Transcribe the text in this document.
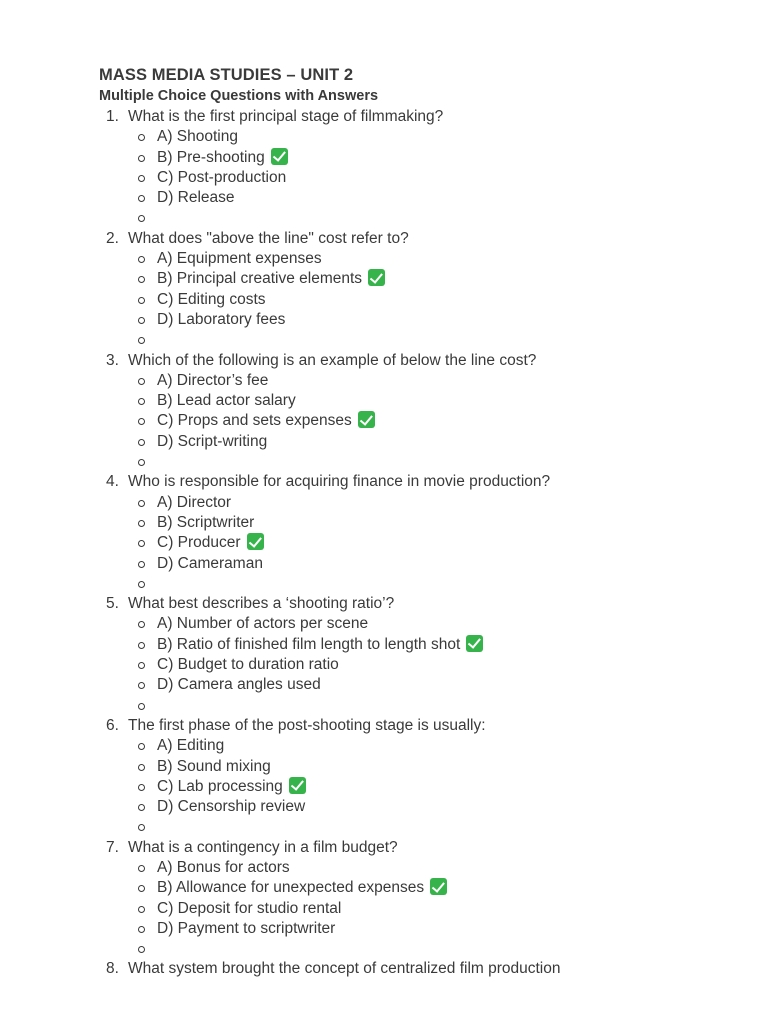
MASS MEDIA STUDIES – UNIT 2
Multiple Choice Questions with Answers
1. What is the first principal stage of filmmaking?
A) Shooting
B) Pre-shooting
C) Post-production
D) Release
2. What does "above the line" cost refer to?
A) Equipment expenses
B) Principal creative elements
C) Editing costs
D) Laboratory fees
3. Which of the following is an example of below the line cost?
A) Director’s fee
B) Lead actor salary
C) Props and sets expenses
D) Script-writing
4. Who is responsible for acquiring finance in movie production?
A) Director
B) Scriptwriter
C) Producer
D) Cameraman
5. What best describes a ‘shooting ratio’?
A) Number of actors per scene
B) Ratio of finished film length to length shot
C) Budget to duration ratio
D) Camera angles used
6. The first phase of the post-shooting stage is usually:
A) Editing
B) Sound mixing
C) Lab processing
D) Censorship review
7. What is a contingency in a film budget?
A) Bonus for actors
B) Allowance for unexpected expenses
C) Deposit for studio rental
D) Payment to scriptwriter
8. What system brought the concept of centralized film production
